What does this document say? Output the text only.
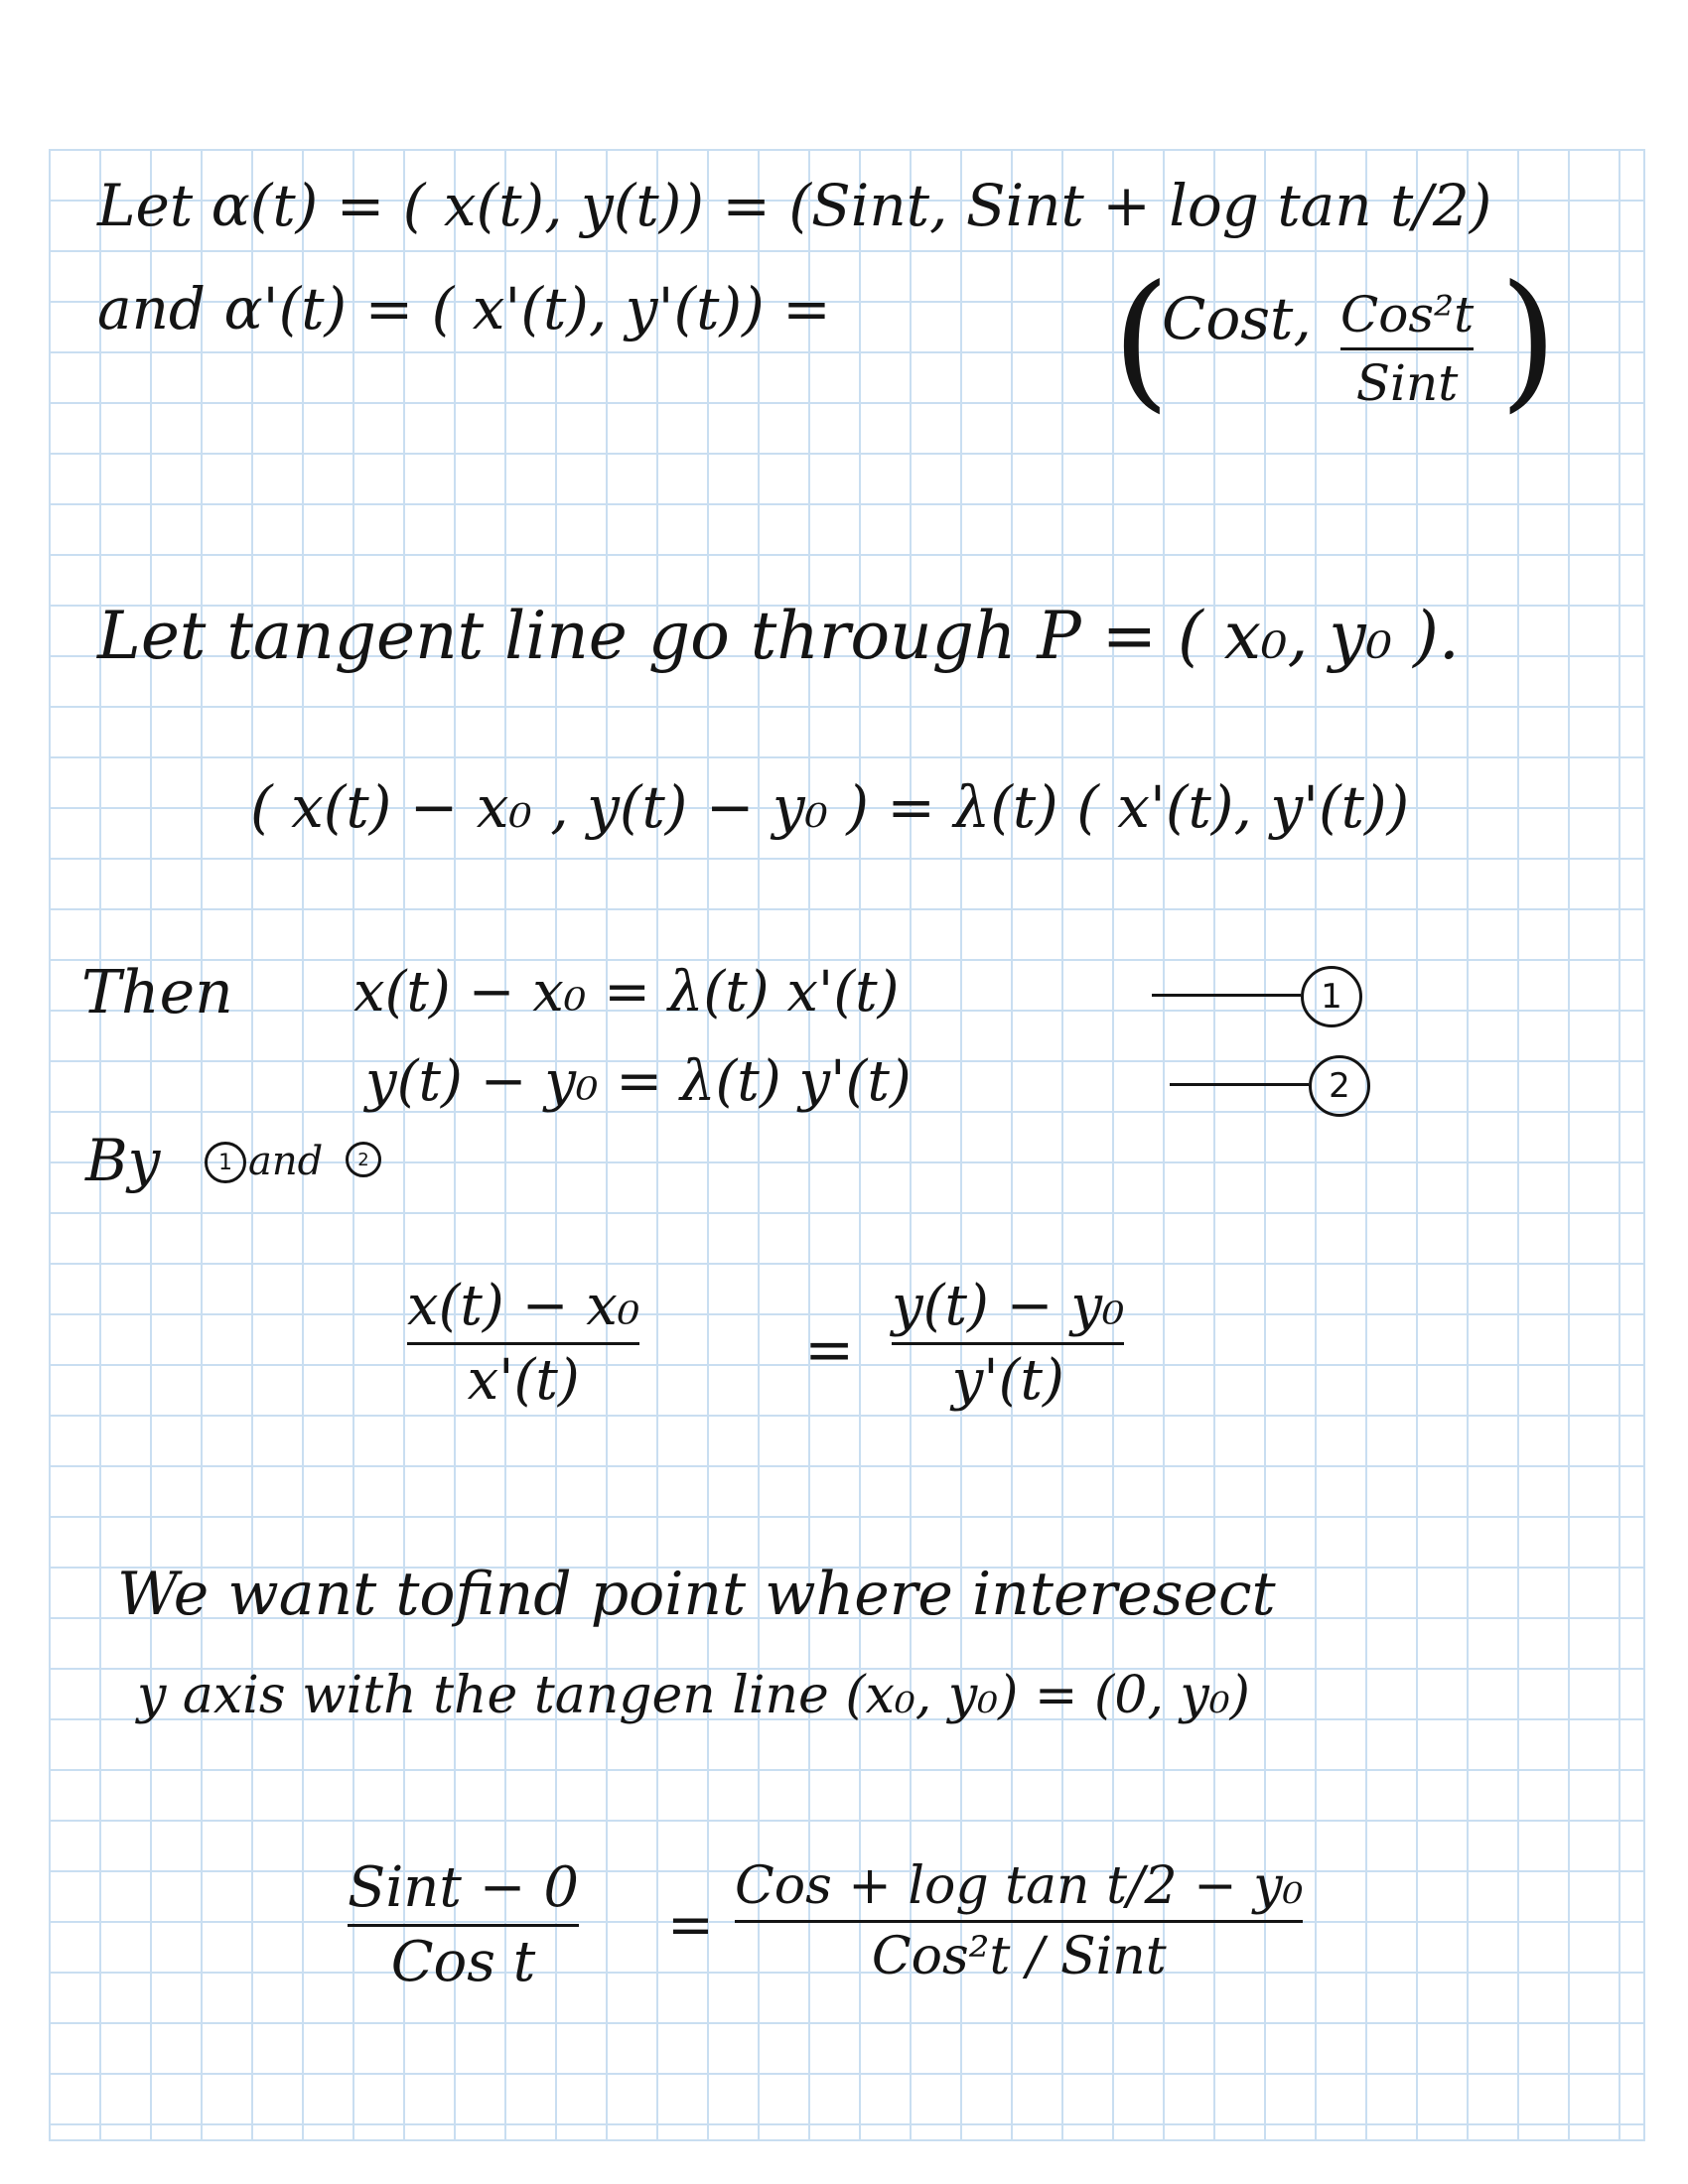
Let α(t) = ( x(t), y(t)) = (Sint, Sint + log tan t/2)
and α'(t) = ( x'(t), y'(t)) = (
Cost, Cos²t
Sint )
Let tangent line go through P = ( x₀, y₀ ).
( x(t) − x₀ , y(t) − y₀ ) = λ(t) ( x'(t), y'(t))
Then x(t) − x₀ = λ(t) x'(t)	1
y(t) − y₀ = λ(t) y'(t)	2
By	1 and	2
x(t) − x₀
x'(t)	=
y(t) − y₀
y'(t)
We want tofind point where interesect
y axis with the tangen line (x₀, y₀) = (0, y₀)
Sint − 0
Cos t
=
Cos + log tan t/2 − y₀
Cos²t / Sint
